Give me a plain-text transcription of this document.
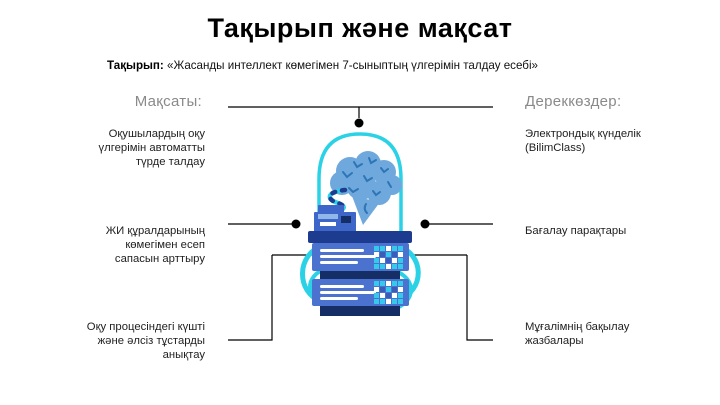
Тақырып және мақсат
Тақырып: «Жасанды интеллект көмегімен 7-сыныптың үлгерімін талдау есебі»
Мақсаты:	Дереккөздер:
Оқушылардың оқу үлгерімін автоматты түрде талдау
ЖИ құралдарының көмегімен есеп сапасын арттыру
Оқу процесіндегі күшті және әлсіз тұстарды анықтау
Электрондық күнделік (BilimClass)
Бағалау парақтары
Мұғалімнің бақылау жазбалары
